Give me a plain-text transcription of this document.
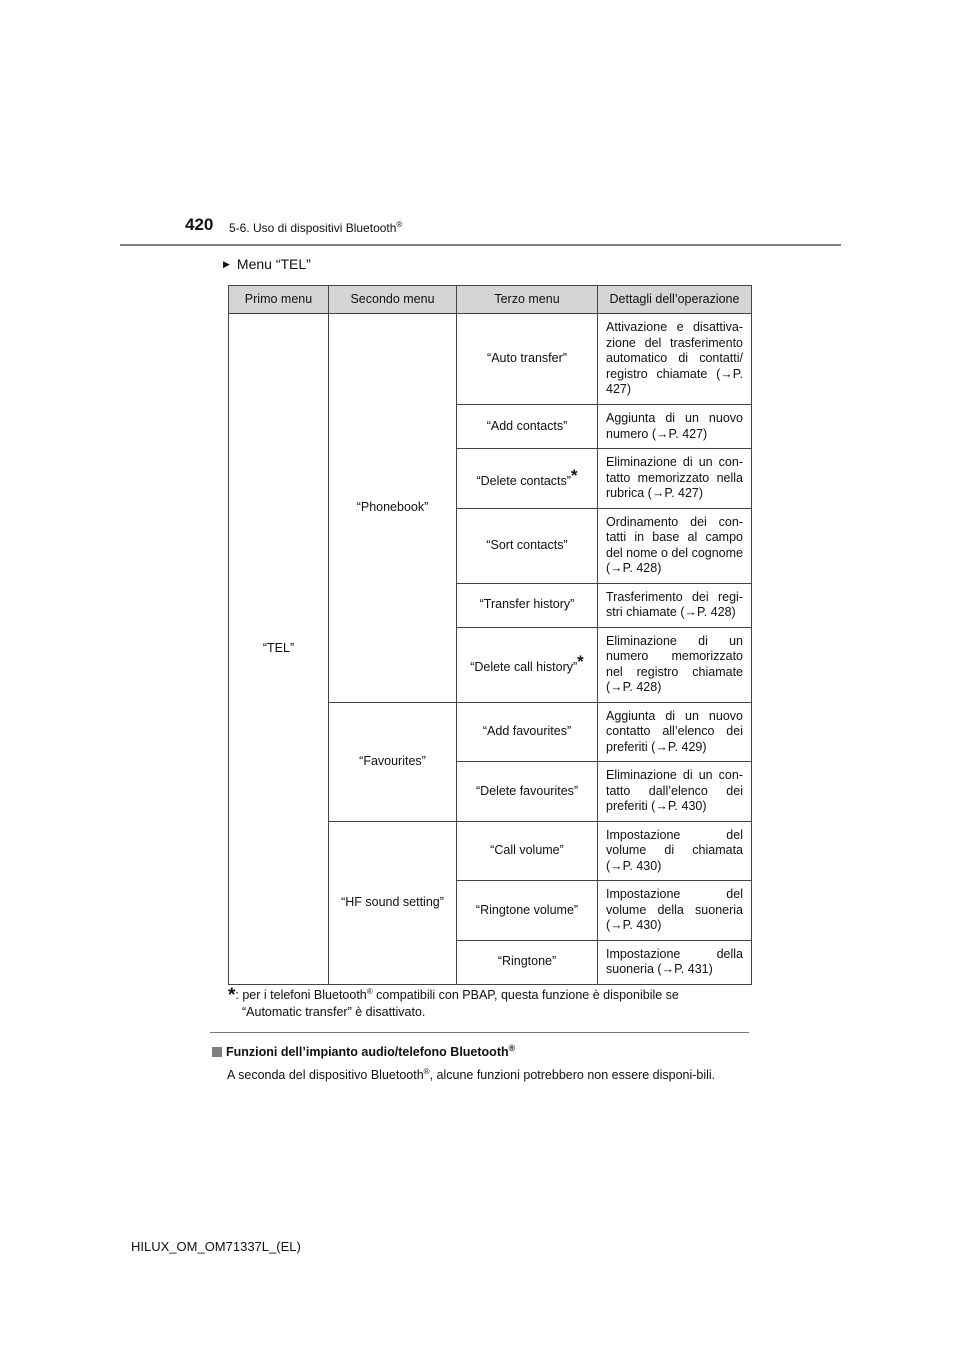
420 5-6. Uso di dispositivi Bluetooth®
▶ Menu “TEL”
Primo menu	Secondo menu	Terzo menu	Dettagli dell’operazione
“TEL”	“Phonebook”	“Auto transfer”	Attivazione e disattiva-zione del trasferimento automatico di contatti/ registro chiamate (→P. 427)
		“Add contacts”	Aggiunta di un nuovo numero (→P. 427)
		“Delete contacts”*	Eliminazione di un con-tatto memorizzato nella rubrica (→P. 427)
		“Sort contacts”	Ordinamento dei con-tatti in base al campo del nome o del cognome (→P. 428)
		“Transfer history”	Trasferimento dei regi-stri chiamate (→P. 428)
		“Delete call history”*	Eliminazione di un numero memorizzato nel registro chiamate (→P. 428)
	“Favourites”	“Add favourites”	Aggiunta di un nuovo contatto all’elenco dei preferiti (→P. 429)
		“Delete favourites”	Eliminazione di un con-tatto dall’elenco dei preferiti (→P. 430)
	“HF sound setting”	“Call volume”	Impostazione del volume di chiamata (→P. 430)
		“Ringtone volume”	Impostazione del volume della suoneria (→P. 430)
		“Ringtone”	Impostazione della suoneria (→P. 431)
*: per i telefoni Bluetooth® compatibili con PBAP, questa funzione è disponibile se
“Automatic transfer” è disattivato.
Funzioni dell’impianto audio/telefono Bluetooth®
A seconda del dispositivo Bluetooth®, alcune funzioni potrebbero non essere disponi-bili.
HILUX_OM_OM71337L_(EL)
